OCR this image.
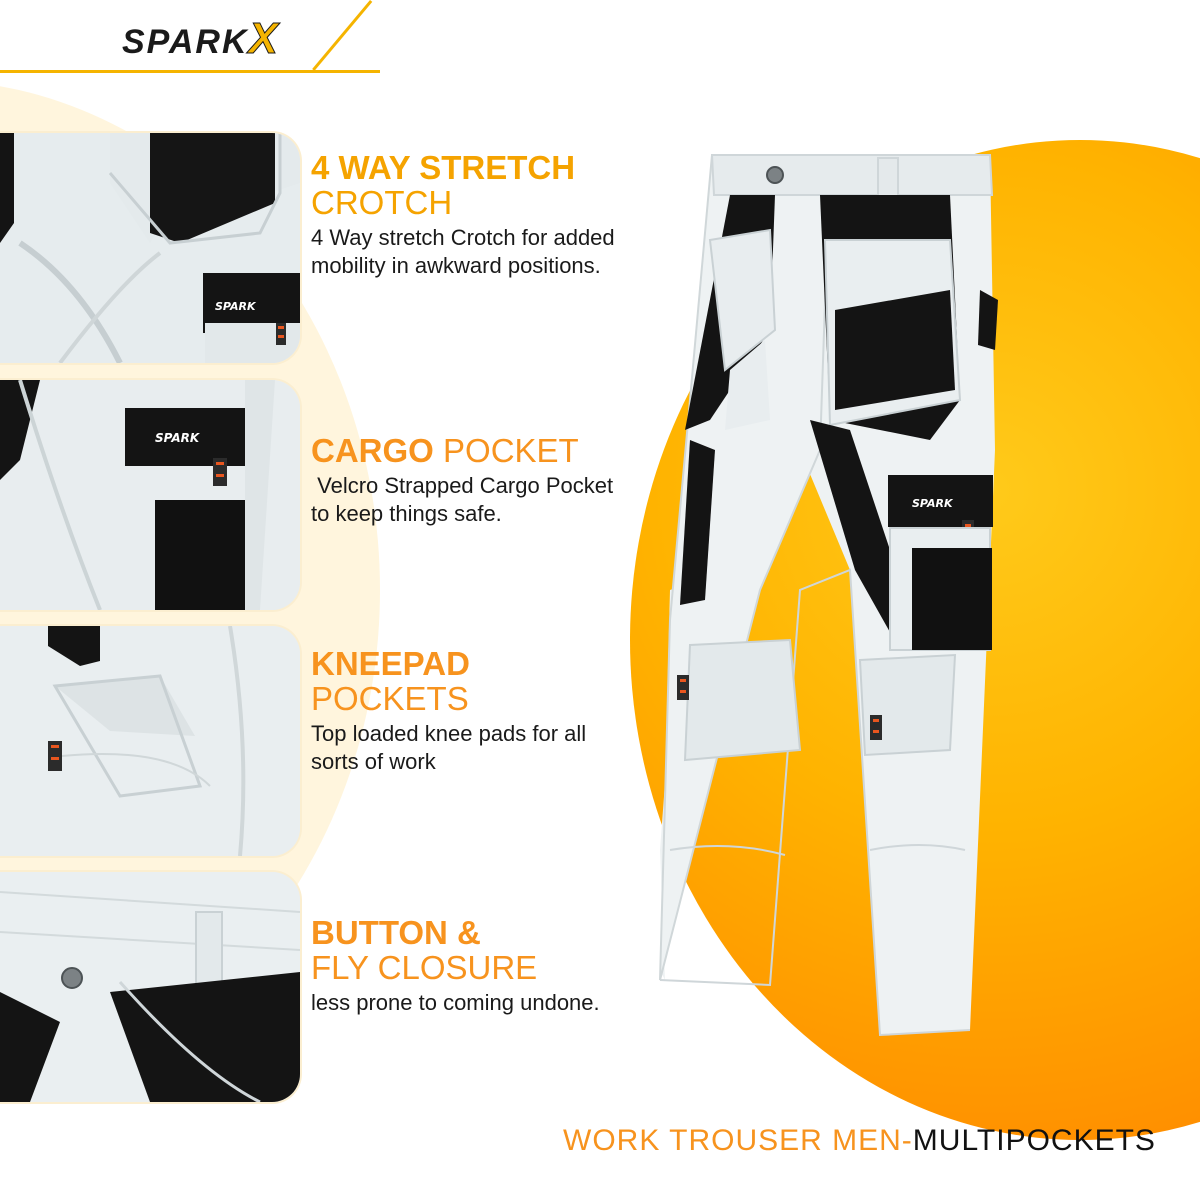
SPARKX
SPARK
SPARK
4 WAY STRETCH
CROTCH
4 Way stretch Crotch for added mobility in awkward positions.
CARGO POCKET
Velcro Strapped Cargo Pocket to keep things safe.
KNEEPAD
POCKETS
Top loaded knee pads for all sorts of work
BUTTON &
FLY CLOSURE
less prone to coming undone.
SPARK
WORK TROUSER MEN-MULTIPOCKETS
